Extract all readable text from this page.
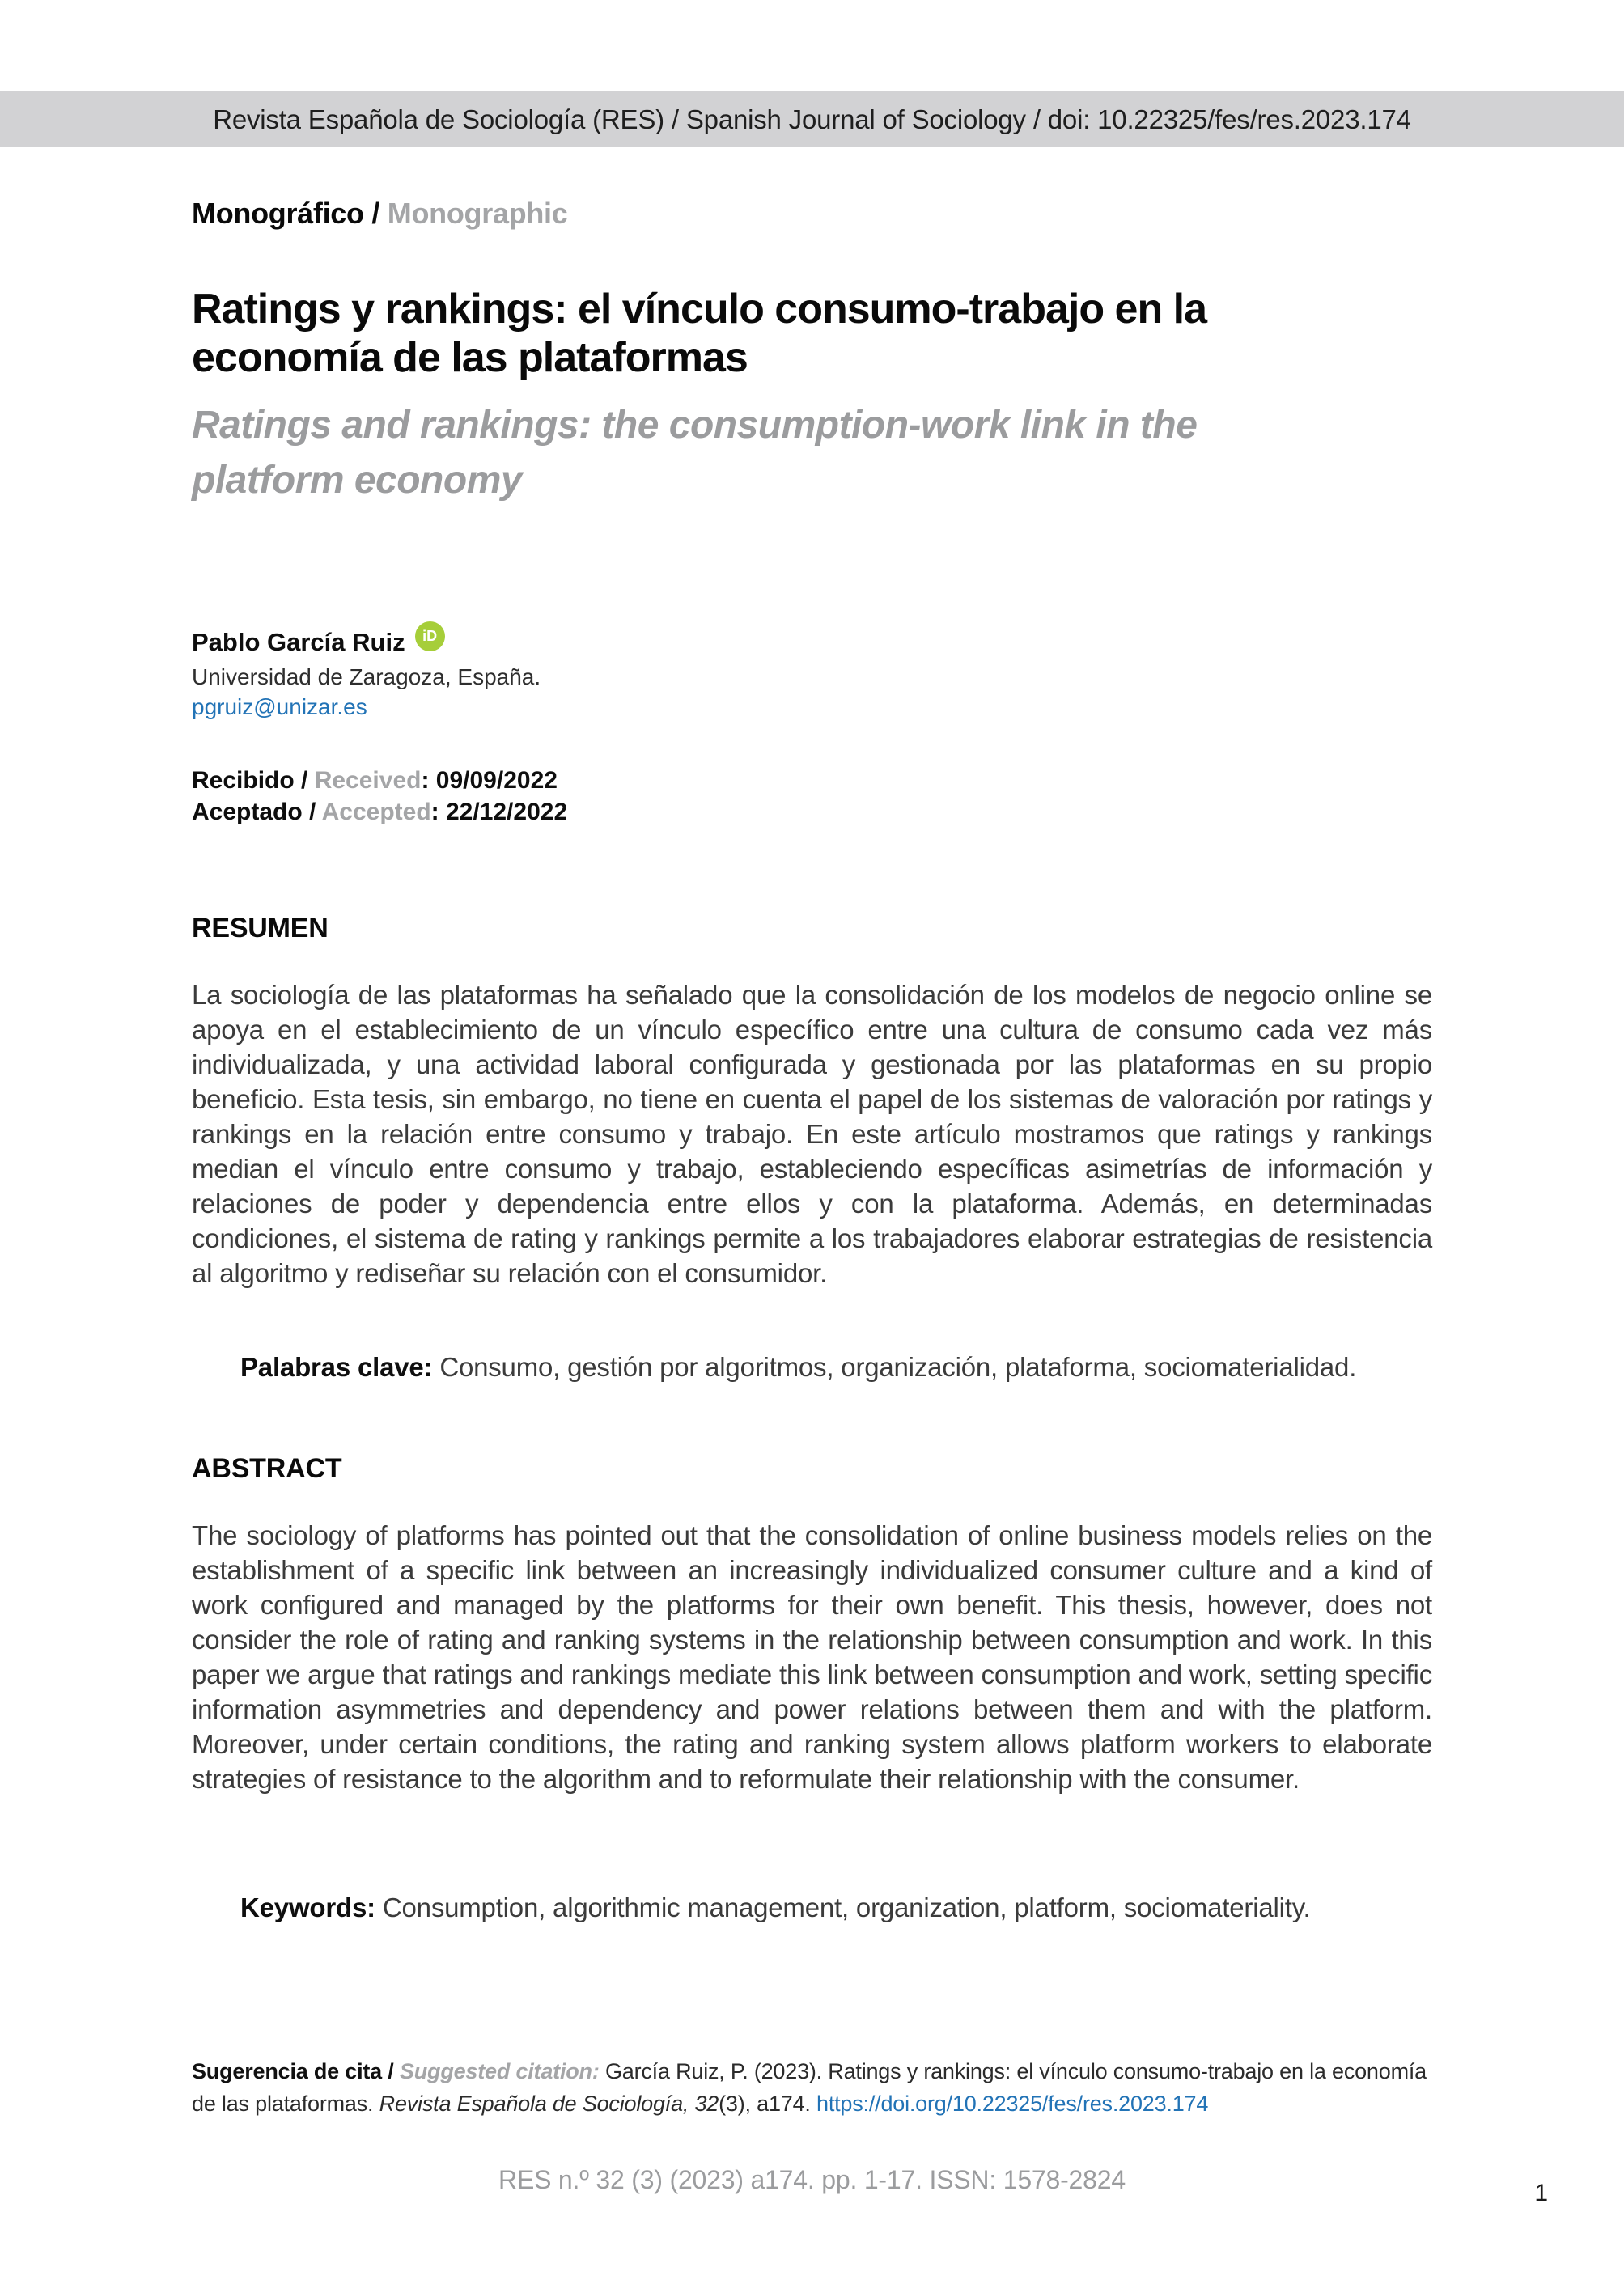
Revista Española de Sociología (RES) / Spanish Journal of Sociology / doi: 10.22325/fes/res.2023.174
Monográfico / Monographic
Ratings y rankings: el vínculo consumo-trabajo en la economía de las plataformas
Ratings and rankings: the consumption-work link in the platform economy
Pablo García Ruiz iD
Universidad de Zaragoza, España.
pgruiz@unizar.es
Recibido / Received: 09/09/2022
Aceptado / Accepted: 22/12/2022
RESUMEN

La sociología de las plataformas ha señalado que la consolidación de los modelos de negocio online se apoya en el establecimiento de un vínculo específico entre una cultura de consumo cada vez más individualizada, y una actividad laboral configurada y gestionada por las plataformas en su propio beneficio. Esta tesis, sin embargo, no tiene en cuenta el papel de los sistemas de valoración por ratings y rankings en la relación entre consumo y trabajo. En este artículo mostramos que ratings y rankings median el vínculo entre consumo y trabajo, estableciendo específicas asimetrías de información y relaciones de poder y dependencia entre ellos y con la plataforma. Además, en determinadas condiciones, el sistema de rating y rankings permite a los trabajadores elaborar estrategias de resistencia al algoritmo y rediseñar su relación con el consumidor.

Palabras clave: Consumo, gestión por algoritmos, organización, plataforma, sociomaterialidad.

ABSTRACT

The sociology of platforms has pointed out that the consolidation of online business models relies on the establishment of a specific link between an increasingly individualized consumer culture and a kind of work configured and managed by the platforms for their own benefit. This thesis, however, does not consider the role of rating and ranking systems in the relationship between consumption and work. In this paper we argue that ratings and rankings mediate this link between consumption and work, setting specific information asymmetries and dependency and power relations between them and with the platform. Moreover, under certain conditions, the rating and ranking system allows platform workers to elaborate strategies of resistance to the algorithm and to reformulate their relationship with the consumer.

Keywords: Consumption, algorithmic management, organization, platform, sociomateriality.

Sugerencia de cita / Suggested citation: García Ruiz, P. (2023). Ratings y rankings: el vínculo consumo-trabajo en la economía de las plataformas. Revista Española de Sociología, 32(3), a174. https://doi.org/10.22325/fes/res.2023.174
RES n.º 32 (3) (2023) a174. pp. 1-17. ISSN: 1578-2824	1
